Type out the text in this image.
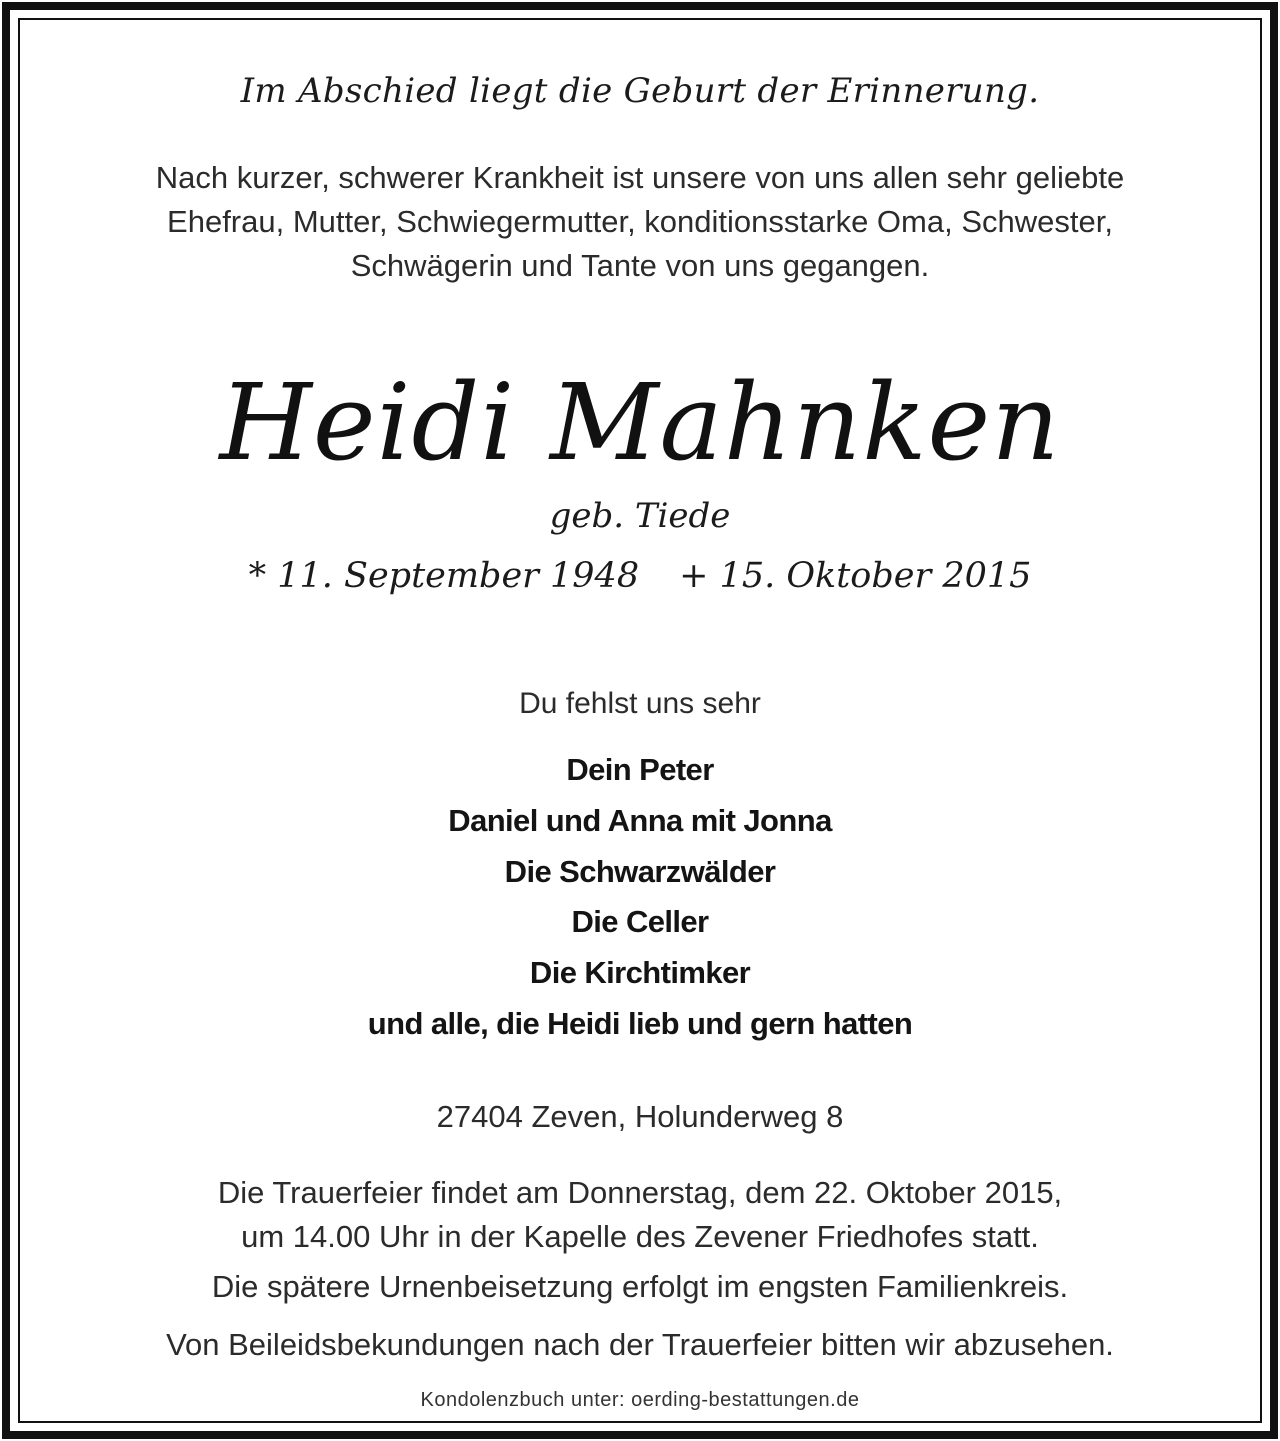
Im Abschied liegt die Geburt der Erinnerung.

Nach kurzer, schwerer Krankheit ist unsere von uns allen sehr geliebte
Ehefrau, Mutter, Schwiegermutter, konditionsstarke Oma, Schwester,
Schwägerin und Tante von uns gegangen.

Heidi Mahnken

geb. Tiede

* 11. September 1948 + 15. Oktober 2015

Du fehlst uns sehr

Dein Peter
Daniel und Anna mit Jonna
Die Schwarzwälder
Die Celler
Die Kirchtimker
und alle, die Heidi lieb und gern hatten

27404 Zeven, Holunderweg 8

Die Trauerfeier findet am Donnerstag, dem 22. Oktober 2015,
um 14.00 Uhr in der Kapelle des Zevener Friedhofes statt.

Die spätere Urnenbeisetzung erfolgt im engsten Familienkreis.

Von Beileidsbekundungen nach der Trauerfeier bitten wir abzusehen.

Kondolenzbuch unter: oerding-bestattungen.de
